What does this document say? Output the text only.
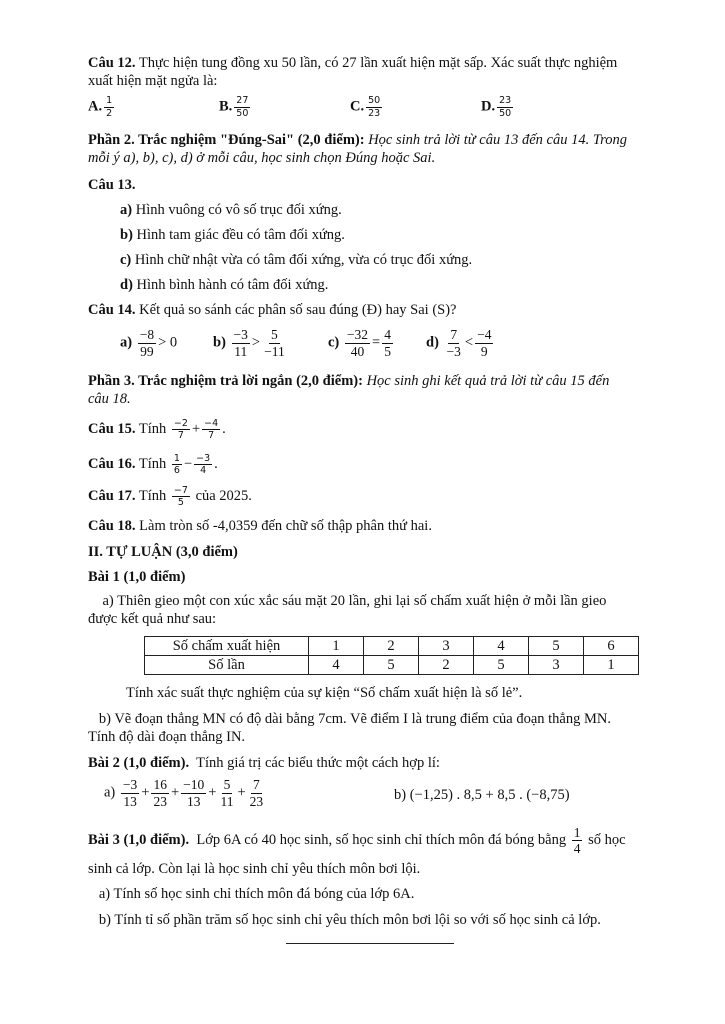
Câu 12. Thực hiện tung đồng xu 50 lần, có 27 lần xuất hiện mặt sấp. Xác suất thực nghiệm
xuất hiện mặt ngửa là:
A. $\frac{1}{2}$	B. $\frac{27}{50}$	C. $\frac{50}{23}$	D. $\frac{23}{50}$
Phần 2. Trắc nghiệm "Đúng-Sai" (2,0 điểm): Học sinh trả lời từ câu 13 đến câu 14. Trong
mỗi ý a), b), c), d) ở mỗi câu, học sinh chọn Đúng hoặc Sai.
Câu 13.
a) Hình vuông có vô số trục đối xứng.
b) Hình tam giác đều có tâm đối xứng.
c) Hình chữ nhật vừa có tâm đối xứng, vừa có trục đối xứng.
d) Hình bình hành có tâm đối xứng.
Câu 14. Kết quả so sánh các phân số sau đúng (Đ) hay Sai (S)?
$a) \frac{-8}{99} > 0$ $b) \frac{-3}{11} > \frac{5}{-11}$	$c) \frac{-32}{40} = \frac{4}{5} d) \frac{7}{-3} < \frac{-4}{9}$
Phần 3. Trắc nghiệm trả lời ngắn (2,0 điểm): Học sinh ghi kết quả trả lời từ câu 15 đến
câu 18.
Câu 15. Tính $\frac{-2}{7} + \frac{-4}{7}$ .
Câu 16. Tính $\frac{1}{6} - \frac{-3}{4}$ .
Câu 17. Tính $\frac{-7}{5}$ của 2025.
Câu 18. Làm tròn số -4,0359 đến chữ số thập phân thứ hai.
II. TỰ LUẬN (3,0 điểm)
Bài 1 (1,0 điểm)
a) Thiên gieo một con xúc xắc sáu mặt 20 lần, ghi lại số chấm xuất hiện ở mỗi lần gieo
được kết quả như sau:
Số chấm xuất hiện	1	2	3	4	5	6
Số lần	4	5	2	5	3	1
Tính xác suất thực nghiệm của sự kiện “Số chấm xuất hiện là số lẻ”.
b) Vẽ đoạn thẳng MN có độ dài bằng 7cm. Vẽ điểm I là trung điểm của đoạn thẳng MN.
Tính độ dài đoạn thẳng IN.
Bài 2 (1,0 điểm).  Tính giá trị các biểu thức một cách hợp lí:
$a) \frac{-3}{13} + \frac{16}{23} + \frac{-10}{13} + \frac{5}{11} + \frac{7}{23}$	b) (−1,25) . 8,5 + 8,5 . (−8,75)
Bài 3 (1,0 điểm).  Lớp 6A có 40 học sinh, số học sinh chỉ thích môn đá bóng bằng $\frac{1}{4}$ số học
sinh cả lớp. Còn lại là học sinh chỉ yêu thích môn bơi lội.
a) Tính số học sinh chỉ thích môn đá bóng của lớp 6A.
b) Tính tỉ số phần trăm số học sinh chỉ yêu thích môn bơi lội so với số học sinh cả lớp.
